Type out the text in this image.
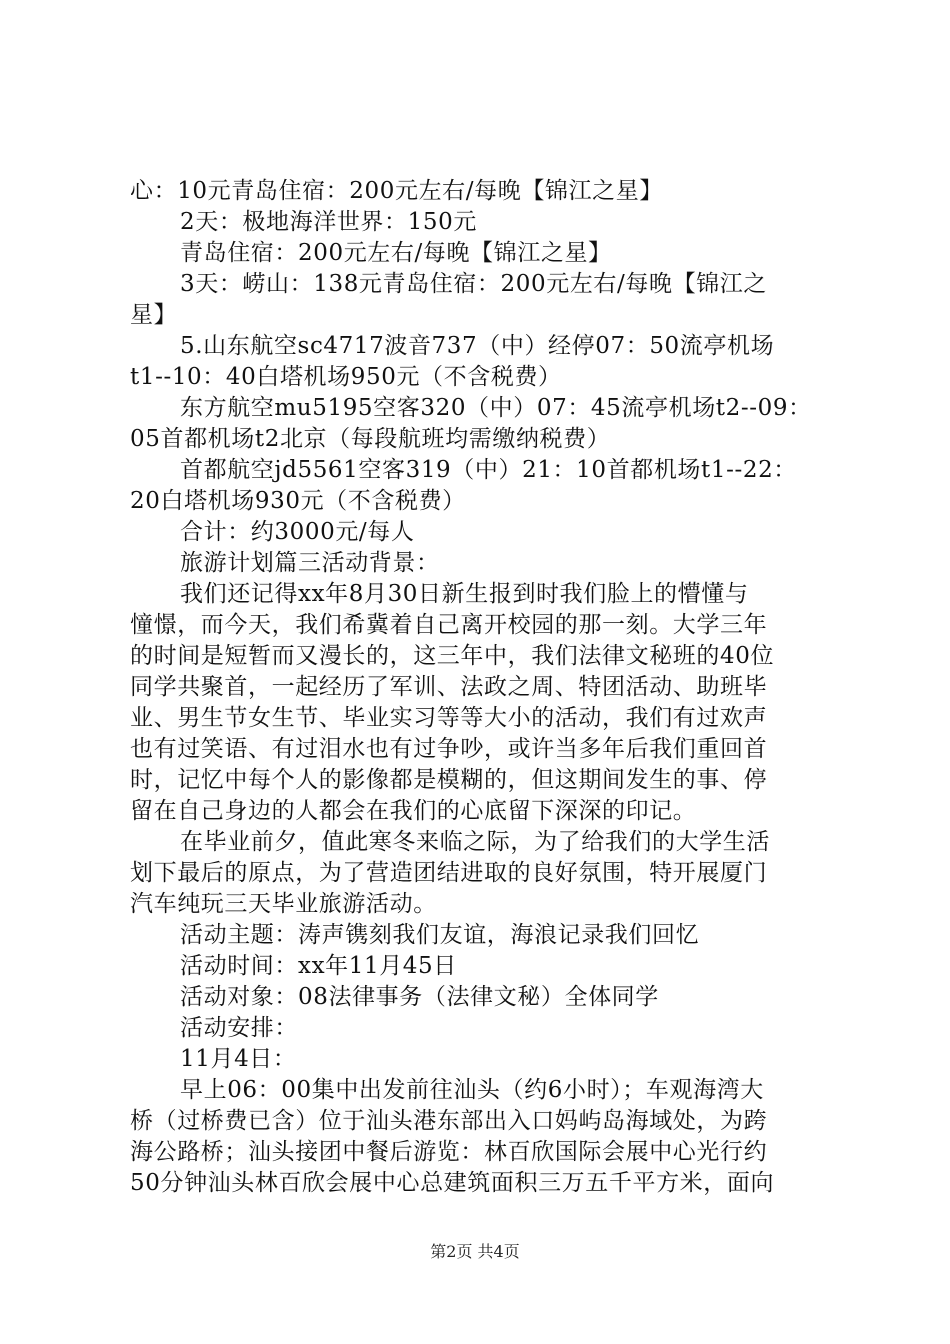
心：10元青岛住宿：200元左右/每晚【锦江之星】
2天：极地海洋世界：150元
青岛住宿：200元左右/每晚【锦江之星】
3天：崂山：138元青岛住宿：200元左右/每晚【锦江之
星】
5.山东航空sc4717波音737（中）经停07：50流亭机场
t1--10：40白塔机场950元（不含税费）
东方航空mu5195空客320（中）07：45流亭机场t2--09：
05首都机场t2北京（每段航班均需缴纳税费）
首都航空jd5561空客319（中）21：10首都机场t1--22：
20白塔机场930元（不含税费）
合计：约3000元/每人
旅游计划篇三活动背景：
我们还记得xx年8月30日新生报到时我们脸上的懵懂与
憧憬，而今天，我们希冀着自己离开校园的那一刻。大学三年
的时间是短暂而又漫长的，这三年中，我们法律文秘班的40位
同学共聚首，一起经历了军训、法政之周、特团活动、助班毕
业、男生节女生节、毕业实习等等大小的活动，我们有过欢声
也有过笑语、有过泪水也有过争吵，或许当多年后我们重回首
时，记忆中每个人的影像都是模糊的，但这期间发生的事、停
留在自己身边的人都会在我们的心底留下深深的印记。
在毕业前夕，值此寒冬来临之际，为了给我们的大学生活
划下最后的原点，为了营造团结进取的良好氛围，特开展厦门
汽车纯玩三天毕业旅游活动。
活动主题：涛声镌刻我们友谊，海浪记录我们回忆
活动时间：xx年11月45日
活动对象：08法律事务（法律文秘）全体同学
活动安排：
11月4日：
早上06：00集中出发前往汕头（约6小时）；车观海湾大
桥（过桥费已含）位于汕头港东部出入口妈屿岛海域处，为跨
海公路桥；汕头接团中餐后游览：林百欣国际会展中心光行约
50分钟汕头林百欣会展中心总建筑面积三万五千平方米，面向
第2页 共4页
